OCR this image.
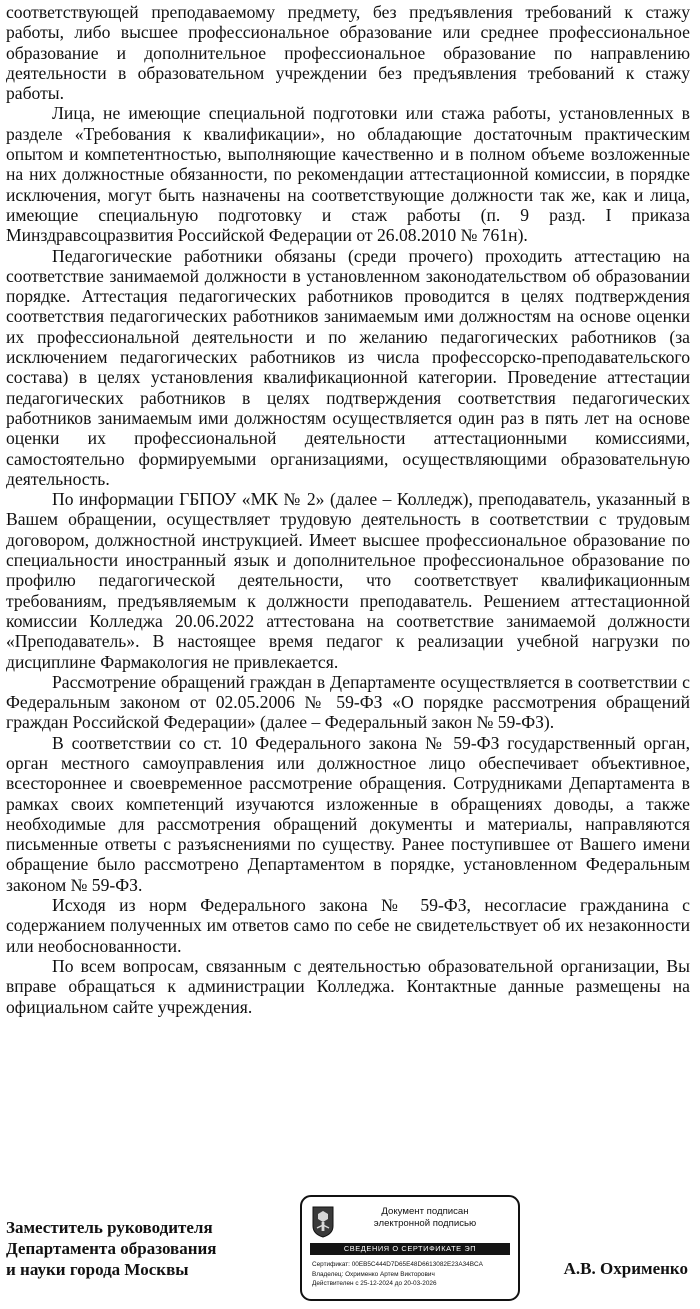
соответствующей преподаваемому предмету, без предъявления требований к стажу работы, либо высшее профессиональное образование или среднее профессиональное образование и дополнительное профессиональное образование по направлению деятельности в образовательном учреждении без предъявления требований к стажу работы.

Лица, не имеющие специальной подготовки или стажа работы, установленных в разделе «Требования к квалификации», но обладающие достаточным практическим опытом и компетентностью, выполняющие качественно и в полном объеме возложенные на них должностные обязанности, по рекомендации аттестационной комиссии, в порядке исключения, могут быть назначены на соответствующие должности так же, как и лица, имеющие специальную подготовку и стаж работы (п. 9 разд. I приказа Минздравсоцразвития Российской Федерации от 26.08.2010 № 761н).

Педагогические работники обязаны (среди прочего) проходить аттестацию на соответствие занимаемой должности в установленном законодательством об образовании порядке. Аттестация педагогических работников проводится в целях подтверждения соответствия педагогических работников занимаемым ими должностям на основе оценки их профессиональной деятельности и по желанию педагогических работников (за исключением педагогических работников из числа профессорско-преподавательского состава) в целях установления квалификационной категории. Проведение аттестации педагогических работников в целях подтверждения соответствия педагогических работников занимаемым ими должностям осуществляется один раз в пять лет на основе оценки их профессиональной деятельности аттестационными комиссиями, самостоятельно формируемыми организациями, осуществляющими образовательную деятельность.

По информации ГБПОУ «МК № 2» (далее – Колледж), преподаватель, указанный в Вашем обращении, осуществляет трудовую деятельность в соответствии с трудовым договором, должностной инструкцией. Имеет высшее профессиональное образование по специальности иностранный язык и дополнительное профессиональное образование по профилю педагогической деятельности, что соответствует квалификационным требованиям, предъявляемым к должности преподаватель. Решением аттестационной комиссии Колледжа 20.06.2022 аттестована на соответствие занимаемой должности «Преподаватель». В настоящее время педагог к реализации учебной нагрузки по дисциплине Фармакология не привлекается.

Рассмотрение обращений граждан в Департаменте осуществляется в соответствии с Федеральным законом от 02.05.2006 № 59-ФЗ «О порядке рассмотрения обращений граждан Российской Федерации» (далее – Федеральный закон № 59-ФЗ).

В соответствии со ст. 10 Федерального закона № 59-ФЗ государственный орган, орган местного самоуправления или должностное лицо обеспечивает объективное, всестороннее и своевременное рассмотрение обращения. Сотрудниками Департамента в рамках своих компетенций изучаются изложенные в обращениях доводы, а также необходимые для рассмотрения обращений документы и материалы, направляются письменные ответы с разъяснениями по существу. Ранее поступившее от Вашего имени обращение было рассмотрено Департаментом в порядке, установленном Федеральным законом № 59-ФЗ.

Исходя из норм Федерального закона № 59-ФЗ, несогласие гражданина с содержанием полученных им ответов само по себе не свидетельствует об их незаконности или необоснованности.

По всем вопросам, связанным с деятельностью образовательной организации, Вы вправе обращаться к администрации Колледжа. Контактные данные размещены на официальном сайте учреждения.

Заместитель руководителя
Департамента образования
и науки города Москвы
Документ подписан
электронной подписью
СВЕДЕНИЯ О СЕРТИФИКАТЕ ЭП
Сертификат: 00EB5C444D7D65E48D6613082E23A34BCA
Владелец: Охрименко Артем Викторович
Действителен с 25-12-2024 до 20-03-2026
А.В. Охрименко
